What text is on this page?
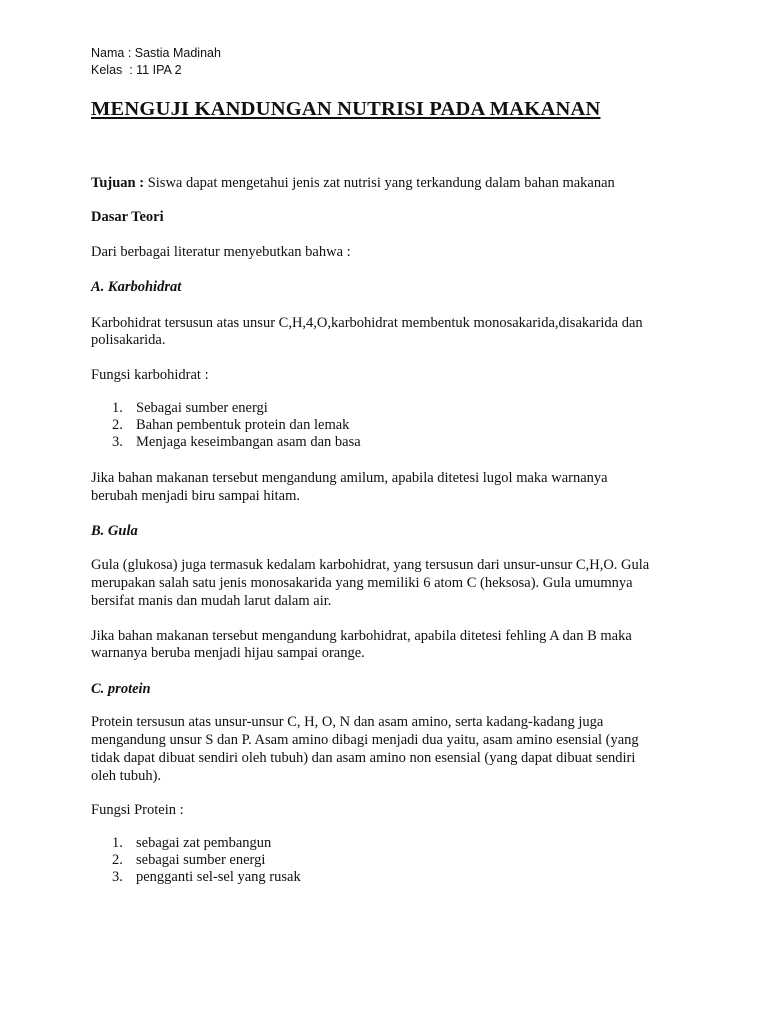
Nama : Sastia Madinah
Kelas  : 11 IPA 2
MENGUJI KANDUNGAN NUTRISI PADA MAKANAN
Tujuan : Siswa dapat mengetahui jenis zat nutrisi yang terkandung dalam bahan makanan
Dasar Teori
Dari berbagai literatur menyebutkan bahwa :
A. Karbohidrat
Karbohidrat tersusun atas unsur C,H,4,O,karbohidrat membentuk monosakarida,disakarida dan
polisakarida.
Fungsi karbohidrat :
1. Sebagai sumber energi
2. Bahan pembentuk protein dan lemak
3. Menjaga keseimbangan asam dan basa
Jika bahan makanan tersebut mengandung amilum, apabila ditetesi lugol maka warnanya
berubah menjadi biru sampai hitam.
B. Gula
Gula (glukosa) juga termasuk kedalam karbohidrat, yang tersusun dari unsur-unsur C,H,O. Gula
merupakan salah satu jenis monosakarida yang memiliki 6 atom C (heksosa). Gula umumnya
bersifat manis dan mudah larut dalam air.
Jika bahan makanan tersebut mengandung karbohidrat, apabila ditetesi fehling A dan B maka
warnanya beruba menjadi hijau sampai orange.
C. protein
Protein tersusun atas unsur-unsur C, H, O, N dan asam amino, serta kadang-kadang juga
mengandung unsur S dan P. Asam amino dibagi menjadi dua yaitu, asam amino esensial (yang
tidak dapat dibuat sendiri oleh tubuh) dan asam amino non esensial (yang dapat dibuat sendiri
oleh tubuh).
Fungsi Protein :
1. sebagai zat pembangun
2. sebagai sumber energi
3. pengganti sel-sel yang rusak
